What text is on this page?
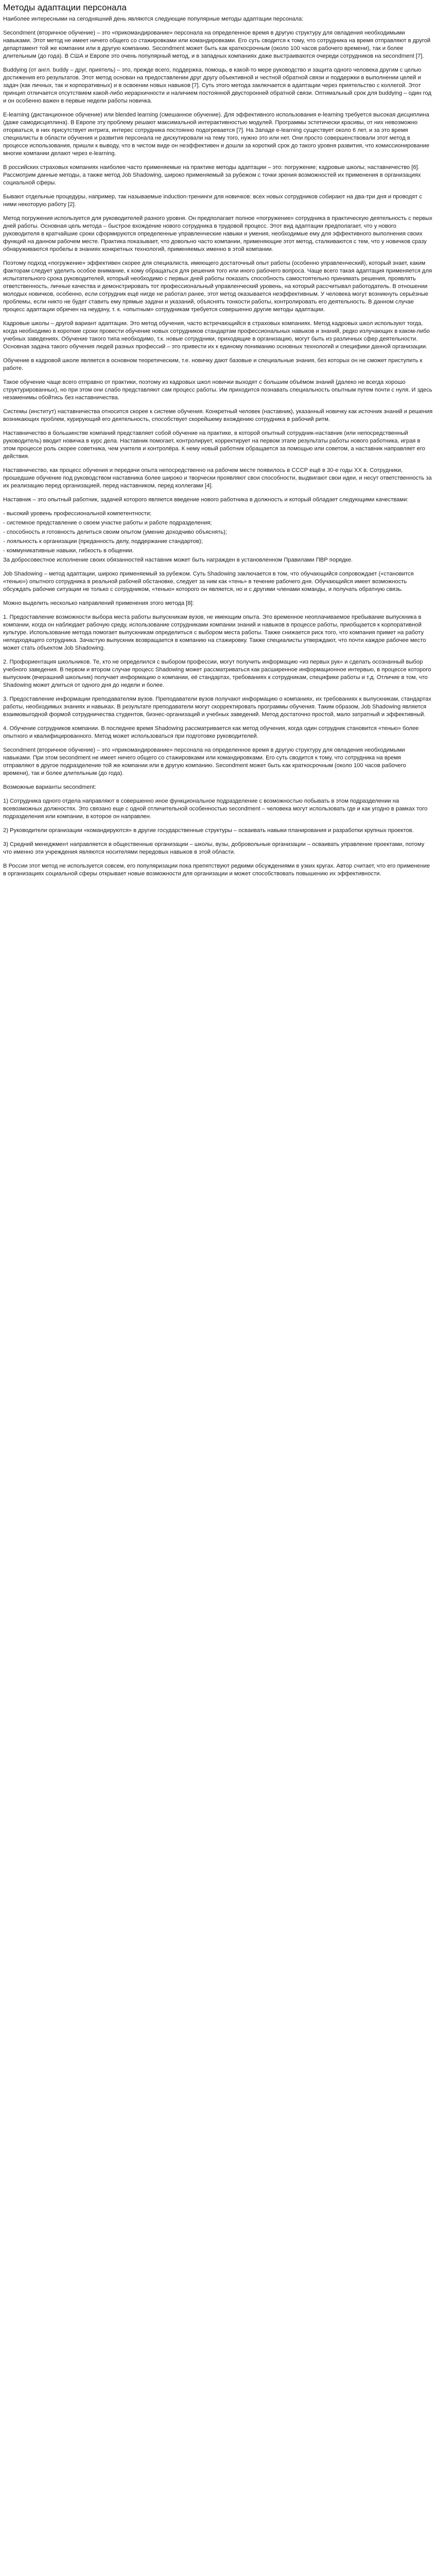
Методы адаптации персонала

Наиболее интересными на сегодняшний день являются следующие популярные методы адаптации персонала:

Secondment (вторичное обучение) – это «прикомандирование» персонала на определенное время в другую структуру для овладения необходимыми навыками. Этот метод не имеет ничего общего со стажировками или командировками. Его суть сводится к тому, что сотрудника на время отправляют в другой департамент той же компании или в другую компанию. Secondment может быть как краткосрочным (около 100 часов рабочего времени), так и более длительным (до года). В США и Европе это очень популярный метод, и в западных компаниях даже выстраиваются очереди сотрудников на secondment [7].

Buddying (от англ. buddy – друг, приятель) – это, прежде всего, поддержка, помощь, в какой-то мере руководство и защита одного человека другим с целью достижения его результатов. Этот метод основан на предоставлении друг другу объективной и честной обратной связи и поддержки в выполнении целей и задач (как личных, так и корпоративных) и в освоении новых навыков [7]. Суть этого метода заключается в адаптации через приятельство с коллегой. Этот принцип отличается отсутствием какой-либо иерархичности и наличием постоянной двусторонней обратной связи. Оптимальный срок для buddying – один год и он особенно важен в первые недели работы новичка.

E-learning (дистанционное обучение) или blended learning (смешанное обучение). Для эффективного использования e-learning требуется высокая дисциплина (даже самодисциплина). В Европе эту проблему решают максимальной интерактивностью модулей. Программы эстетически красивы, от них невозможно оторваться, в них присутствует интрига, интерес сотрудника постоянно подогревается [7]. На Западе e-learning существует около 6 лет, и за это время специалисты в области обучения и развития персонала не дискутировали на тему того, нужно это или нет. Они просто совершенствовали этот метод в процессе использования, пришли к выводу, что в чистом виде он неэффективен и дошли за короткий срок до такого уровня развития, что комиссионирование многие компании делают через e-learning.

В российских страховых компаниях наиболее часто применяемые на практике методы адаптации – это: погружение; кадровые школы; наставничество [6]. Рассмотрим данные методы, а также метод Job Shadowing, широко применяемый за рубежом с точки зрения возможностей их применения в организациях социальной сферы.

Бывают отдельные процедуры, например, так называемые induction-тренинги для новичков: всех новых сотрудников собирают на два-три дня и проводят с ними некоторую работу [2].

Метод погружения используется для руководителей разного уровня. Он предполагает полное «погружение» сотрудника в практическую деятельность с первых дней работы. Основная цель метода – быстрое вхождение нового сотрудника в трудовой процесс. Этот вид адаптации предполагает, что у нового руководителя в кратчайшие сроки сформируются определенные управленческие навыки и умения, необходимые ему для эффективного выполнения своих функций на данном рабочем месте. Практика показывает, что довольно часто компании, применяющие этот метод, сталкиваются с тем, что у новичков сразу обнаруживаются пробелы в знаниях конкретных технологий, применяемых именно в этой компании.

Поэтому подход «погружение» эффективен скорее для специалиста, имеющего достаточный опыт работы (особенно управленческий), который знает, каким факторам следует уделить особое внимание, к кому обращаться для решения того или иного рабочего вопроса. Чаще всего такая адаптация применяется для испытательного срока руководителей, который необходимо с первых дней работы показать способность самостоятельно принимать решения, проявлять ответственность, личные качества и демонстрировать тот профессиональный управленческий уровень, на который рассчитывал работодатель. В отношении молодых новичков, особенно, если сотрудник ещё нигде не работал ранее, этот метод оказывается неэффективным. У человека могут возникнуть серьёзные проблемы, если никто не будет ставить ему прямые задачи и указаний, объяснять тонкости работы, контролировать его деятельность. В данном случае процесс адаптации обречен на неудачу, т. к. «опытным» сотрудникам требуется совершенно другие методы адаптации.

Кадровые школы – другой вариант адаптации. Это метод обучения, часто встречающийся в страховых компаниях. Метод кадровых школ используют тогда, когда необходимо в короткие сроки провести обучение новых сотрудников стандартам профессиональных навыков и знаний, редко излучающих в каком-либо учебных заведениях. Обучение такого типа необходимо, т.к. новые сотрудники, приходящие в организацию, могут быть из различных сфер деятельности. Основная задача такого обучения людей разных профессий – это привести их к единому пониманию основных технологий и специфики данной организации.

Обучение в кадровой школе является в основном теоретическим, т.е. новичку дают базовые и специальные знания, без которых он не сможет приступить к работе.

Такое обучение чаще всего отправно от практики, поэтому из кадровых школ новички выходят с большим объёмом знаний (далеко не всегда хорошо структурированных), но при этом они слабо представляют сам процесс работы. Им приходится познавать специальность опытным путем почти с нуля. И здесь незаменимы обойтись без наставничества.

Системы (институт) наставничества относится скорее к системе обучения. Конкретный человек (наставник), указанный новичку как источник знаний и решения возникающих проблем, курирующий его деятельность, способствует скорейшему вхождению сотрудника в рабочий ритм.

Наставничество в большинстве компаний представляет собой обучение на практике, в которой опытный сотрудник-наставник (или непосредственный руководитель) вводит новичка в курс дела. Наставник помогает, контролирует, корректирует на первом этапе результаты работы нового работника, играя в этом процессе роль скорее советника, чем учителя и контролёра. К нему новый работник обращается за помощью или советом, а наставник направляет его действия.

Наставничество, как процесс обучения и передачи опыта непосредственно на рабочем месте появилось в СССР ещё в 30-е годы XX в. Сотрудники, прошедшие обучение под руководством наставника более широко и творчески проявляют свои способности, выдвигают свои идеи, и несут ответственность за их реализацию перед организацией, перед наставником, перед коллегами [4].

Наставник – это опытный работник, задачей которого является введение нового работника в должность и который обладает следующими качествами:

- высокий уровень профессиональной компетентности;

- системное представление о своем участке работы и работе подразделения;

- способность и готовность делиться своим опытом (умение доходчиво объяснять);

- лояльность к организации (преданность делу, поддержание стандартов);

- коммуникативные навыки, гибкость в общении.

За добросовестное исполнение своих обязанностей наставник может быть награжден в установленном Правилами ПВР порядке.

Job Shadowing – метод адаптации, широко применяемый за рубежом. Суть Shadowing заключается в том, что обучающийся сопровождает («становится «тенью») опытного сотрудника в реальной рабочей обстановке, следует за ним как «тень» в течение рабочего дня. Обучающийся имеет возможность обсуждать рабочие ситуации не только с сотрудником, «тенью» которого он является, но и с другими членами команды, и получать обратную связь.

Можно выделить несколько направлений применения этого метода [8]:

1. Предоставление возможности выбора места работы выпускникам вузов, не имеющим опыта. Это временное неоплачиваемое пребывание выпускника в компании, когда он наблюдает рабочую среду, использование сотрудниками компании знаний и навыков в процессе работы, приобщается к корпоративной культуре. Использование метода помогает выпускникам определиться с выбором места работы. Также снижается риск того, что компания примет на работу неподходящего сотрудника. Зачастую выпускник возвращается в компанию на стажировку. Также специалисты утверждают, что почти каждое рабочее место может стать объектом Job Shadowing.

2. Профориентация школьников. Те, кто не определился с выбором профессии, могут получить информацию «из первых рук» и сделать осознанный выбор учебного заведения. В первом и втором случае процесс Shadowing может рассматриваться как расширенное информационное интервью, в процессе которого выпускник (вчерашний школьник) получает информацию о компании, её стандартах, требованиях к сотрудникам, специфике работы и т.д. Отличие в том, что Shadowing может длиться от одного дня до недели и более.

3. Предоставление информации преподавателям вузов. Преподаватели вузов получают информацию о компаниях, их требованиях к выпускникам, стандартах работы, необходимых знаниях и навыках. В результате преподаватели могут скорректировать программы обучения. Таким образом, Job Shadowing является взаимовыгодной формой сотрудничества студентов, бизнес-организаций и учебных заведений. Метод достаточно простой, мало затратный и эффективный.

4. Обучение сотрудников компании. В последнее время Shadowing рассматривается как метод обучения, когда один сотрудник становится «тенью» более опытного и квалифицированного. Метод может использоваться при подготовке руководителей.

Secondment (вторичное обучение) – это «прикомандирование» персонала на определенное время в другую структуру для овладения необходимыми навыками. При этом secondment не имеет ничего общего со стажировками или командировками. Его суть сводится к тому, что сотрудника на время отправляют в другое подразделение той же компании или в другую компанию. Secondment может быть как краткосрочным (около 100 часов рабочего времени), так и более длительным (до года).

Возможные варианты secondment:

1) Сотрудника одного отдела направляют в совершенно иное функциональное подразделение с возможностью побывать в этом подразделении на всевозможных должностях. Это связано еще с одной отличительной особенностью secondment – человека могут использовать где и как угодно в рамках того подразделения или компании, в которое он направлен.

2) Руководители организации «командируются» в другие государственные структуры – осваивать навыки планирования и разработки крупных проектов.

3) Средний менеджмент направляется в общественные организации – школы, вузы, добровольные организации – осваивать управление проектами, потому что именно эти учреждения являются носителями передовых навыков в этой области.

В России этот метод не используется совсем, его популяризации пока препятствуют редкими обсуждениями в узких кругах. Автор считает, что его применение в организациях социальной сферы открывает новые возможности для организации и может способствовать повышению их эффективности.
